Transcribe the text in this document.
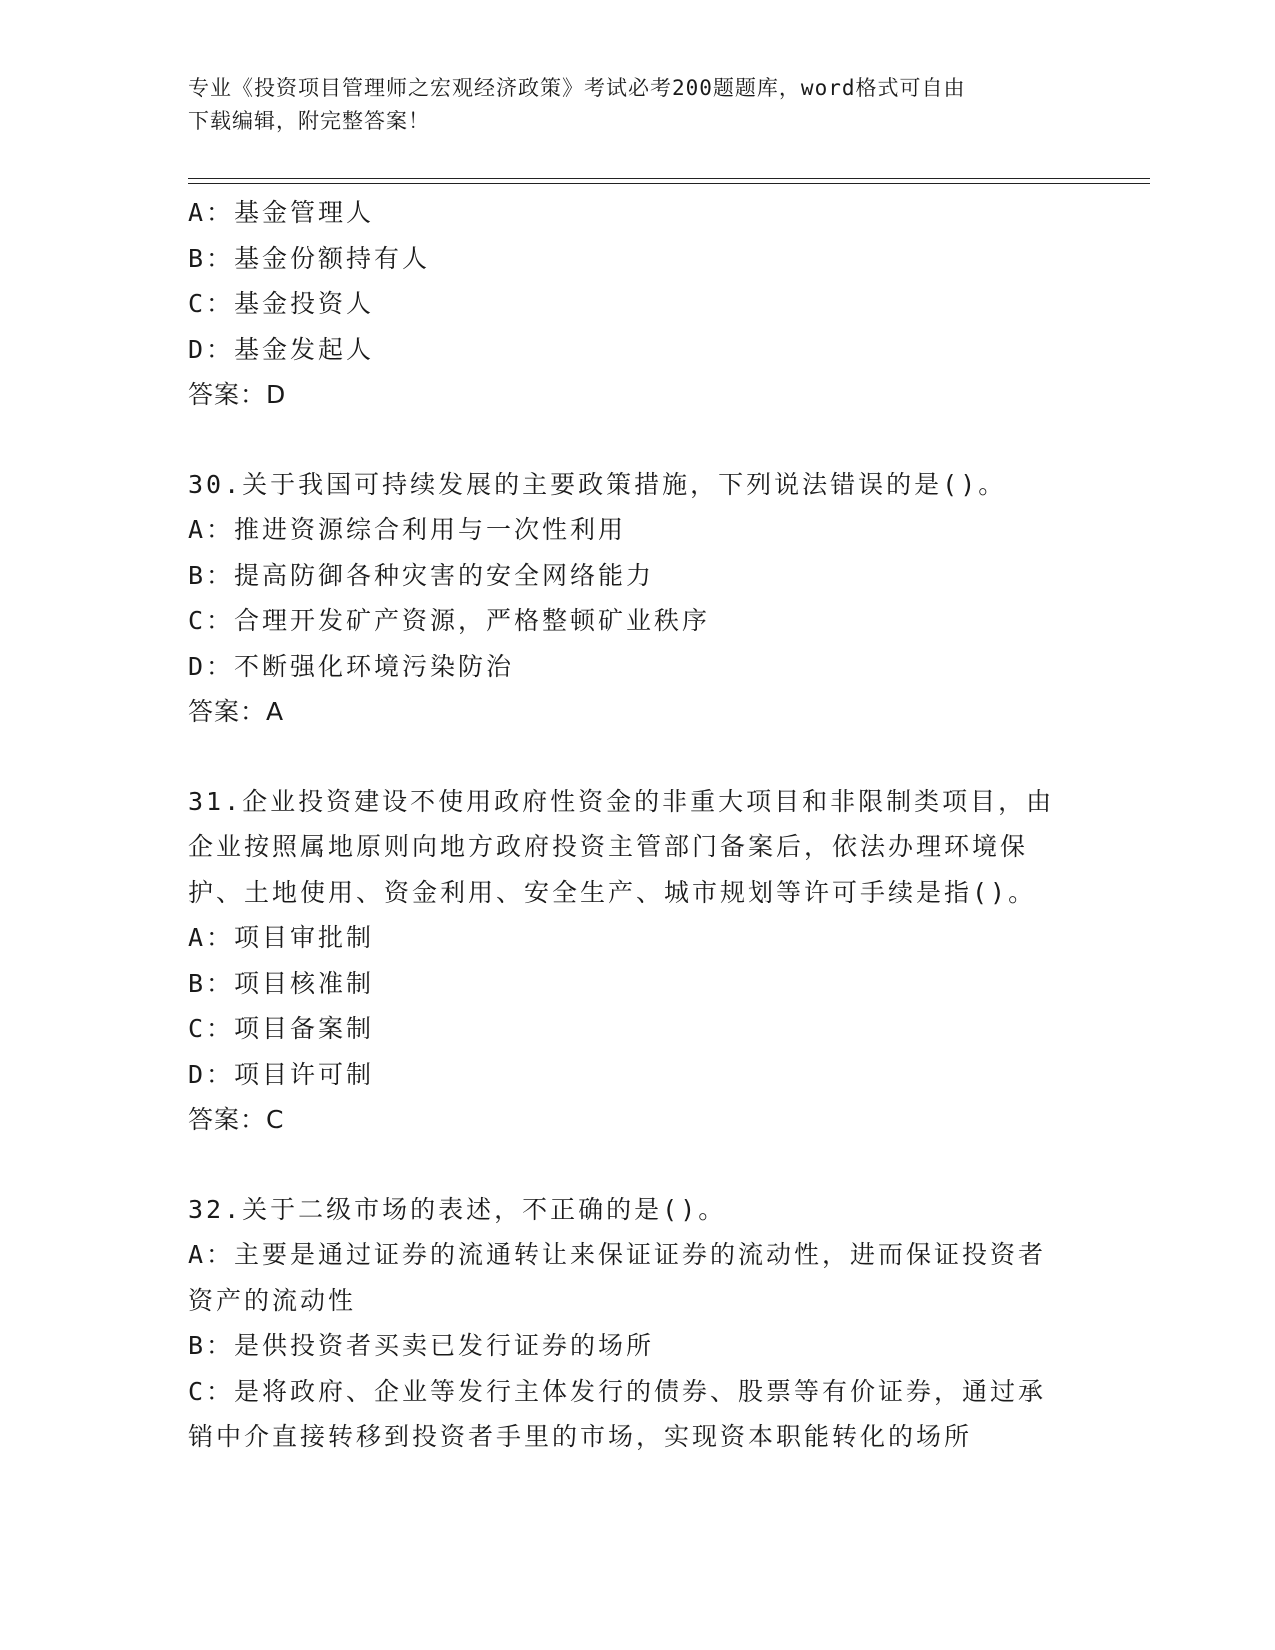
专业《投资项目管理师之宏观经济政策》考试必考200题题库，word格式可自由
下载编辑，附完整答案！
A：基金管理人
B：基金份额持有人
C：基金投资人
D：基金发起人
答案：D
30.关于我国可持续发展的主要政策措施，下列说法错误的是()。
A：推进资源综合利用与一次性利用
B：提高防御各种灾害的安全网络能力
C：合理开发矿产资源，严格整顿矿业秩序
D：不断强化环境污染防治
答案：A
31.企业投资建设不使用政府性资金的非重大项目和非限制类项目，由
企业按照属地原则向地方政府投资主管部门备案后，依法办理环境保
护、土地使用、资金利用、安全生产、城市规划等许可手续是指()。
A：项目审批制
B：项目核准制
C：项目备案制
D：项目许可制
答案：C
32.关于二级市场的表述，不正确的是()。
A：主要是通过证券的流通转让来保证证券的流动性，进而保证投资者
资产的流动性
B：是供投资者买卖已发行证券的场所
C：是将政府、企业等发行主体发行的债券、股票等有价证券，通过承
销中介直接转移到投资者手里的市场，实现资本职能转化的场所
